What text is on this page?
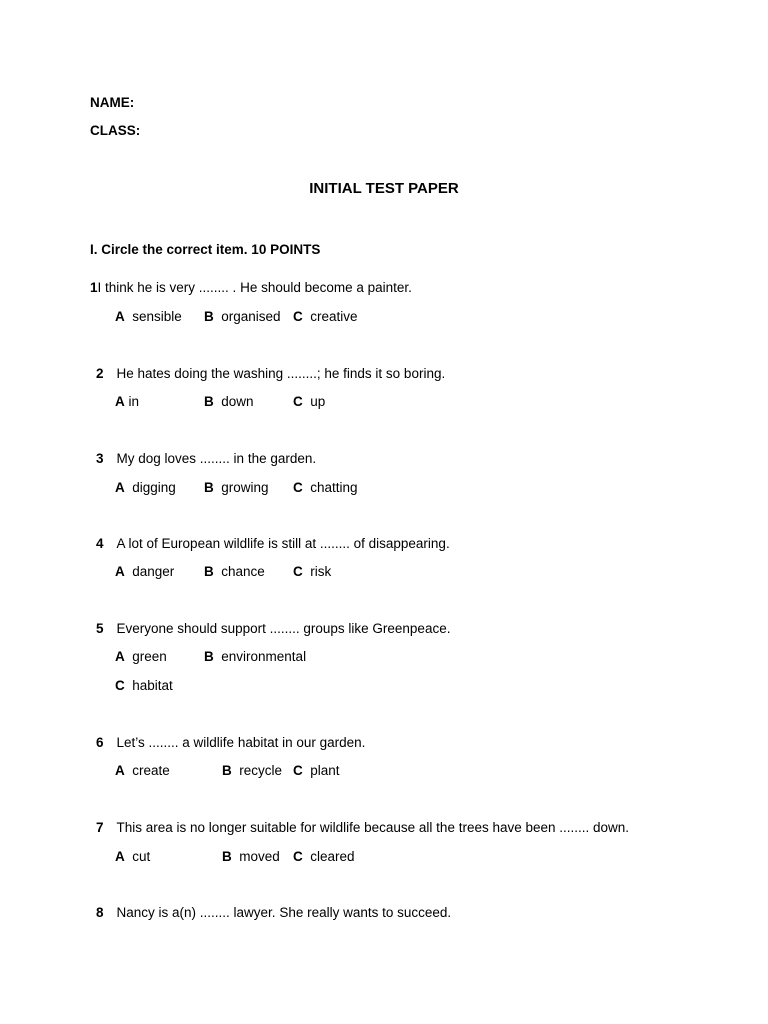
NAME:
CLASS:
INITIAL TEST PAPER
I. Circle the correct item. 10 POINTS
1I think he is very ........ . He should become a painter.
A sensible B organised C creative
2 He hates doing the washing ........; he finds it so boring.
A in	B down	C up
3 My dog loves ........ in the garden.
A digging B growing C chatting
4 A lot of European wildlife is still at ........ of disappearing.
A danger B chance C risk
5 Everyone should support ........ groups like Greenpeace.
A green	B environmental
C habitat
6 Let’s ........ a wildlife habitat in our garden.
A create	B recycle C plant
7 This area is no longer suitable for wildlife because all the trees have been ........ down.
A cut	B moved C cleared
8 Nancy is a(n) ........ lawyer. She really wants to succeed.
